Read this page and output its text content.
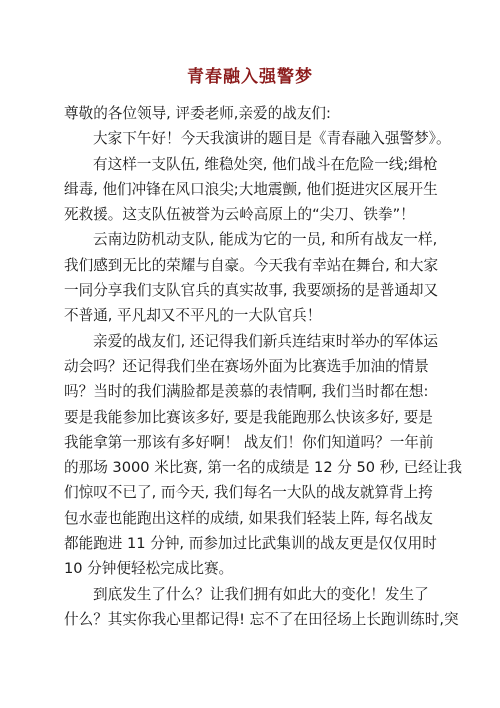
青春融入强警梦
尊敬的各位领导, 评委老师,亲爱的战友们:
大家下午好！今天我演讲的题目是《青春融入强警梦》。
有这样一支队伍, 维稳处突, 他们战斗在危险一线;缉枪
缉毒, 他们冲锋在风口浪尖;大地震颤, 他们挺进灾区展开生
死救援。这支队伍被誉为云岭高原上的“尖刀、铁拳”！
云南边防机动支队, 能成为它的一员, 和所有战友一样,
我们感到无比的荣耀与自豪。今天我有幸站在舞台, 和大家
一同分享我们支队官兵的真实故事, 我要颂扬的是普通却又
不普通, 平凡却又不平凡的一大队官兵！
亲爱的战友们, 还记得我们新兵连结束时举办的军体运
动会吗？还记得我们坐在赛场外面为比赛选手加油的情景
吗？当时的我们满脸都是羡慕的表情啊, 我们当时都在想:
要是我能参加比赛该多好, 要是我能跑那么快该多好, 要是
我能拿第一那该有多好啊！ 战友们！你们知道吗？一年前
的那场 3000 米比赛, 第一名的成绩是 12 分 50 秒, 已经让我
们惊叹不已了, 而今天, 我们每名一大队的战友就算背上挎
包水壶也能跑出这样的成绩, 如果我们轻装上阵, 每名战友
都能跑进 11 分钟, 而参加过比武集训的战友更是仅仅用时
10 分钟便轻松完成比赛。
到底发生了什么？让我们拥有如此大的变化！发生了
什么？其实你我心里都记得! 忘不了在田径场上长跑训练时,突
